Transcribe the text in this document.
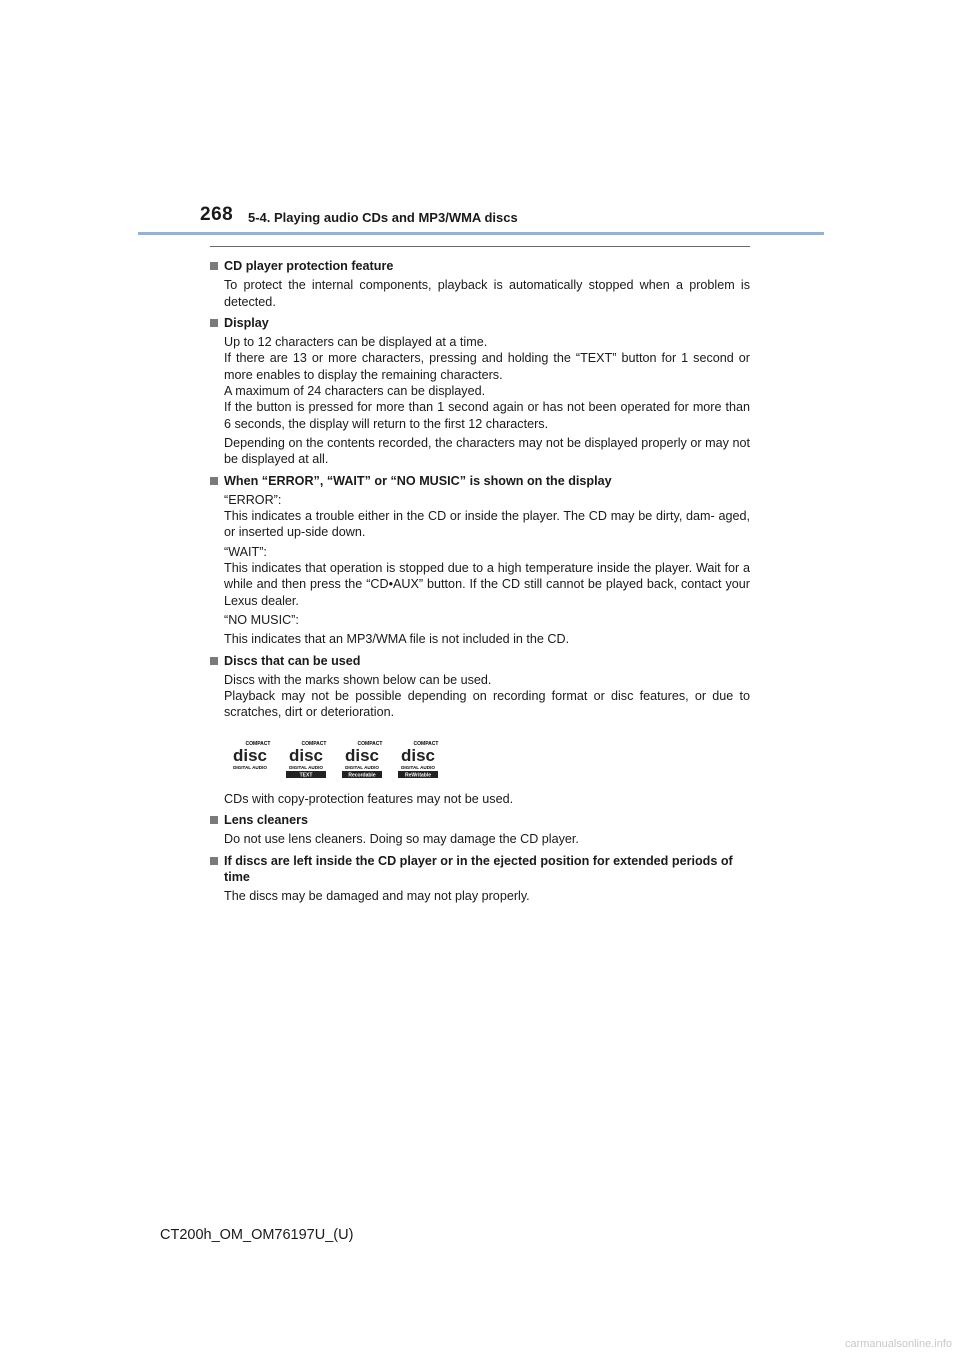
268 5-4. Playing audio CDs and MP3/WMA discs
CD player protection feature
To protect the internal components, playback is automatically stopped when a problem is detected.
Display
Up to 12 characters can be displayed at a time.
If there are 13 or more characters, pressing and holding the “TEXT” button for 1 second or more enables to display the remaining characters.
A maximum of 24 characters can be displayed.
If the button is pressed for more than 1 second again or has not been operated for more than 6 seconds, the display will return to the first 12 characters.
Depending on the contents recorded, the characters may not be displayed properly or may not be displayed at all.
When “ERROR”, “WAIT” or “NO MUSIC” is shown on the display
“ERROR”:
This indicates a trouble either in the CD or inside the player. The CD may be dirty, dam- aged, or inserted up-side down.
“WAIT”:
This indicates that operation is stopped due to a high temperature inside the player. Wait for a while and then press the “CD•AUX” button. If the CD still cannot be played back, contact your Lexus dealer.
“NO MUSIC”:
This indicates that an MP3/WMA file is not included in the CD.
Discs that can be used
Discs with the marks shown below can be used.
Playback may not be possible depending on recording format or disc features, or due to scratches, dirt or deterioration.
COMPACT
disc
DIGITAL AUDIO
COMPACT
disc
DIGITAL AUDIO
TEXT
COMPACT
disc
DIGITAL AUDIO
Recordable
COMPACT
disc
DIGITAL AUDIO
ReWritable
CDs with copy-protection features may not be used.
Lens cleaners
Do not use lens cleaners. Doing so may damage the CD player.
If discs are left inside the CD player or in the ejected position for extended periods of time
The discs may be damaged and may not play properly.
CT200h_OM_OM76197U_(U)
carmanualsonline.info
